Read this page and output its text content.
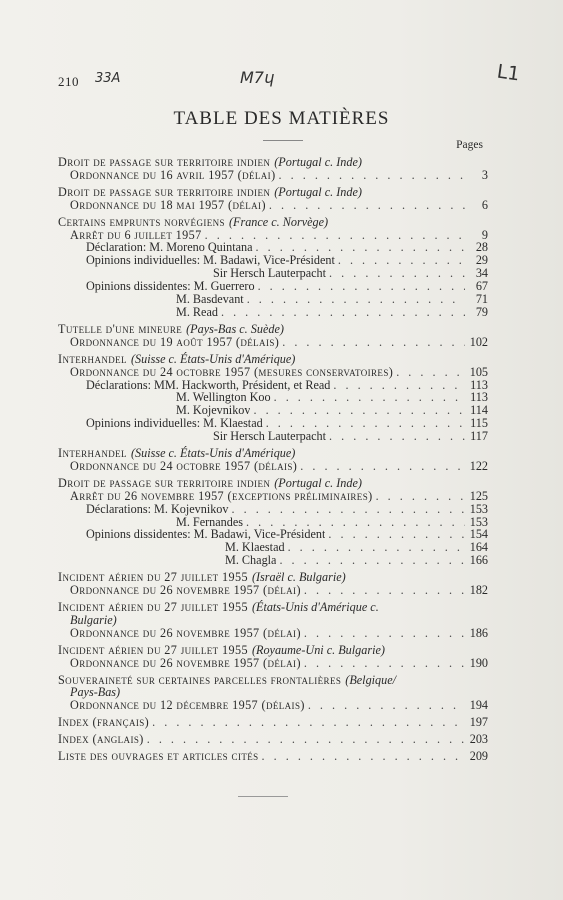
210 33A	M7ɥ	L1
TABLE DES MATIÈRES
Pages
Droit de passage sur territoire indien (Portugal c. Inde)
Ordonnance du 16 avril 1957 (délai) . . .	3
Droit de passage sur territoire indien (Portugal c. Inde)
Ordonnance du 18 mai 1957 (délai) . . .	6
Certains emprunts norvégiens (France c. Norvège)
Arrêt du 6 juillet 1957 . . .	9
Déclaration: M. Moreno Quintana . . .	28
Opinions individuelles: M. Badawi, Vice-Président . . .	29
Sir Hersch Lauterpacht . . .	34
Opinions dissidentes: M. Guerrero . . .	67
M. Basdevant . . .	71
M. Read . . .	79
Tutelle d'une mineure (Pays-Bas c. Suède)
Ordonnance du 19 août 1957 (délais) . . .	102
Interhandel (Suisse c. États-Unis d'Amérique)
Ordonnance du 24 octobre 1957 (mesures conservatoires) . . .	105
Déclarations: MM. Hackworth, Président, et Read . . .	113
M. Wellington Koo . . .	113
M. Kojevnikov . . .	114
Opinions individuelles: M. Klaestad . . .	115
Sir Hersch Lauterpacht . . .	117
Interhandel (Suisse c. États-Unis d'Amérique)
Ordonnance du 24 octobre 1957 (délais) . . .	122
Droit de passage sur territoire indien (Portugal c. Inde)
Arrêt du 26 novembre 1957 (exceptions préliminaires) . . .	125
Déclarations: M. Kojevnikov . . .	153
M. Fernandes . . .	153
Opinions dissidentes: M. Badawi, Vice-Président . . .	154
M. Klaestad . . .	164
M. Chagla . . .	166
Incident aérien du 27 juillet 1955 (Israël c. Bulgarie)
Ordonnance du 26 novembre 1957 (délai) . . .	182
Incident aérien du 27 juillet 1955 (États-Unis d'Amérique c.
Bulgarie)
Ordonnance du 26 novembre 1957 (délai) . . .	186
Incident aérien du 27 juillet 1955 (Royaume-Uni c. Bulgarie)
Ordonnance du 26 novembre 1957 (délai) . . .	190
Souveraineté sur certaines parcelles frontalières (Belgique/
Pays-Bas)
Ordonnance du 12 décembre 1957 (délais) . . .	194
Index (français) . . .	197
Index (anglais) . . .	203
Liste des ouvrages et articles cités . . .	209
